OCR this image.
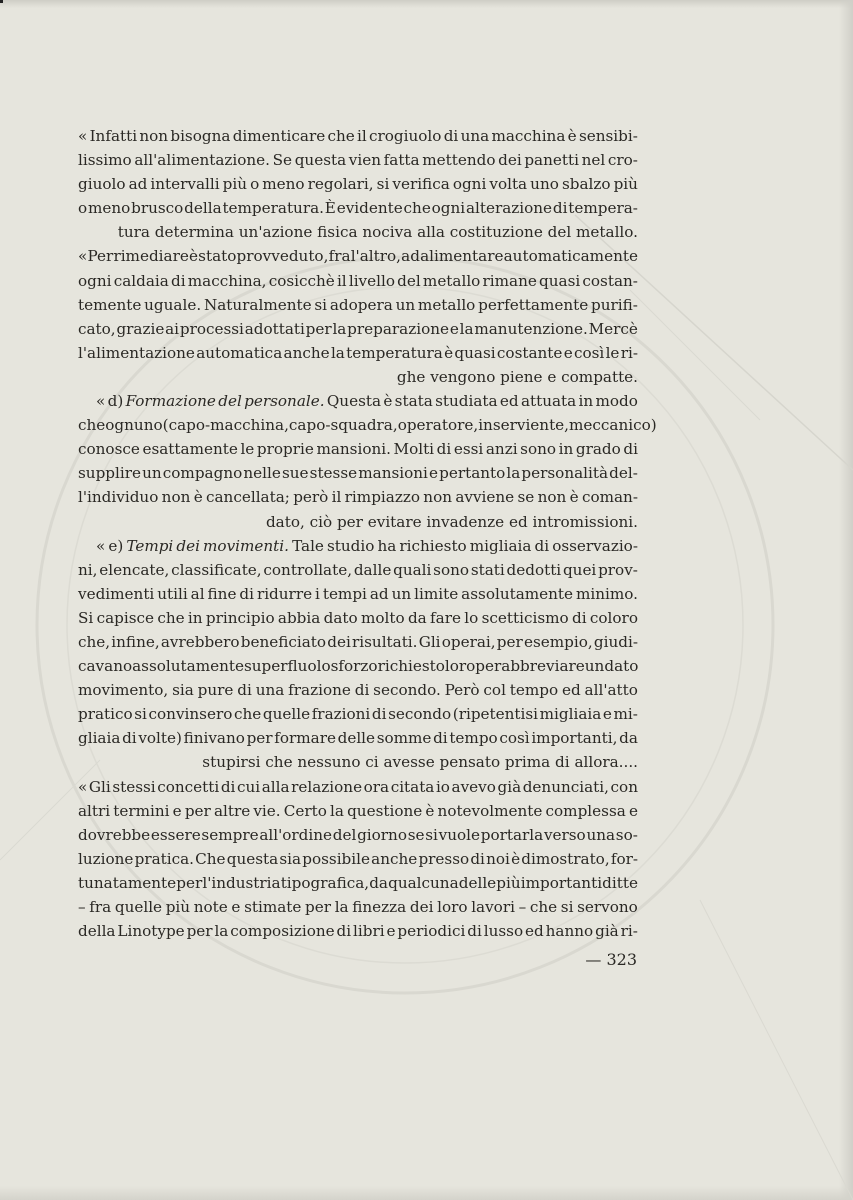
« Infatti non bisogna dimenticare che il crogiuolo di una macchina è sensibi-
lissimo all'alimentazione. Se questa vien fatta mettendo dei panetti nel cro-
giuolo ad intervalli più o meno regolari, si verifica ogni volta uno sbalzo più
o meno brusco della temperatura. È evidente che ogni alterazione di tempera-
tura determina un'azione fisica nociva alla costituzione del metallo.
« Per rimediare è stato provveduto, fra l'altro, ad alimentare automaticamente
ogni caldaia di macchina, cosicchè il livello del metallo rimane quasi costan-
temente uguale. Naturalmente si adopera un metallo perfettamente purifi-
cato, grazie ai processi adottati per la preparazione e la manutenzione. Mercè
l'alimentazione automatica anche la temperatura è quasi costante e così le ri-
ghe vengono piene e compatte.
« d) Formazione del personale. Questa è stata studiata ed attuata in modo
che ognuno (capo-macchina, capo-squadra, operatore, inserviente, meccanico)
conosce esattamente le proprie mansioni. Molti di essi anzi sono in grado di
supplire un compagno nelle sue stesse mansioni e pertanto la personalità del-
l'individuo non è cancellata; però il rimpiazzo non avviene se non è coman-
dato, ciò per evitare invadenze ed intromissioni.
« e) Tempi dei movimenti. Tale studio ha richiesto migliaia di osservazio-
ni, elencate, classificate, controllate, dalle quali sono stati dedotti quei prov-
vedimenti utili al fine di ridurre i tempi ad un limite assolutamente minimo.
Si capisce che in principio abbia dato molto da fare lo scetticismo di coloro
che, infine, avrebbero beneficiato dei risultati. Gli operai, per esempio, giudi-
cavano assolutamente superfluo lo sforzo richiesto loro per abbreviare un dato
movimento, sia pure di una frazione di secondo. Però col tempo ed all'atto
pratico si convinsero che quelle frazioni di secondo (ripetentisi migliaia e mi-
gliaia di volte) finivano per formare delle somme di tempo così importanti, da
stupirsi che nessuno ci avesse pensato prima di allora....
« Gli stessi concetti di cui alla relazione ora citata io avevo già denunciati, con
altri termini e per altre vie. Certo la questione è notevolmente complessa e
dovrebbe essere sempre all'ordine del giorno se si vuole portarla verso una so-
luzione pratica. Che questa sia possibile anche presso di noi è dimostrato, for-
tunatamente per l'industria tipografica, da qualcuna delle più importanti ditte
– fra quelle più note e stimate per la finezza dei loro lavori – che si servono
della Linotype per la composizione di libri e periodici di lusso ed hanno già ri-
— 323
